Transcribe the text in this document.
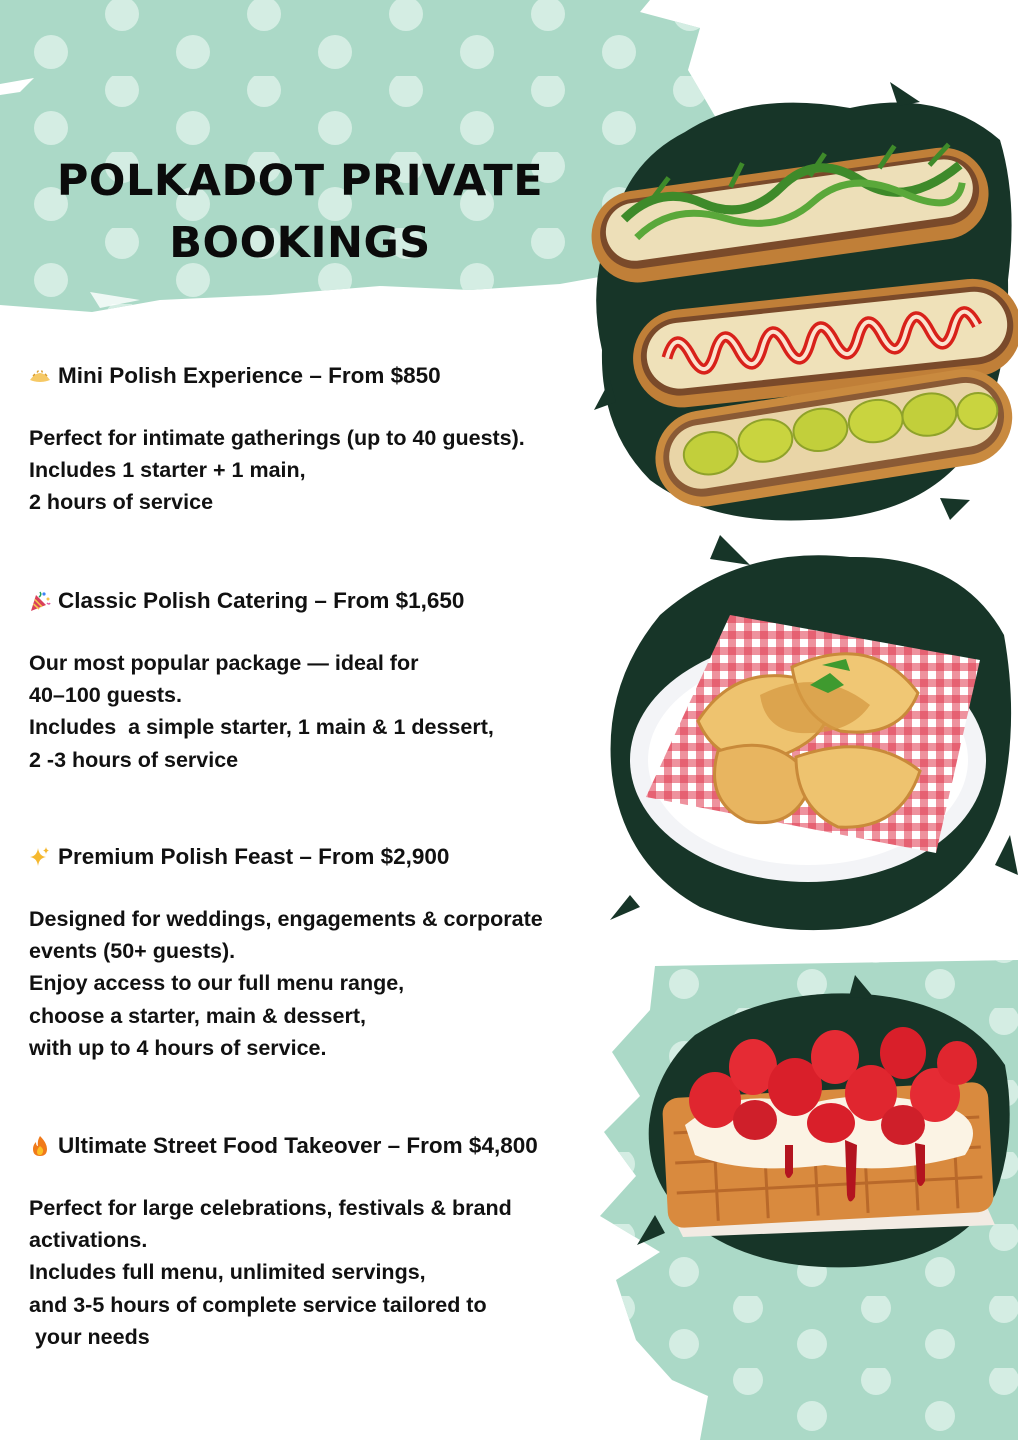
POLKADOT PRIVATE
BOOKINGS
Mini Polish Experience – From $850
Perfect for intimate gatherings (up to 40 guests).
Includes 1 starter + 1 main,
2 hours of service
Classic Polish Catering – From $1,650
Our most popular package — ideal for
40–100 guests.
Includes  a simple starter, 1 main & 1 dessert,
2 -3 hours of service
Premium Polish Feast – From $2,900
Designed for weddings, engagements & corporate
events (50+ guests).
Enjoy access to our full menu range,
choose a starter, main & dessert,
with up to 4 hours of service.
Ultimate Street Food Takeover – From $4,800
Perfect for large celebrations, festivals & brand
activations.
Includes full menu, unlimited servings,
and 3-5 hours of complete service tailored to
your needs
